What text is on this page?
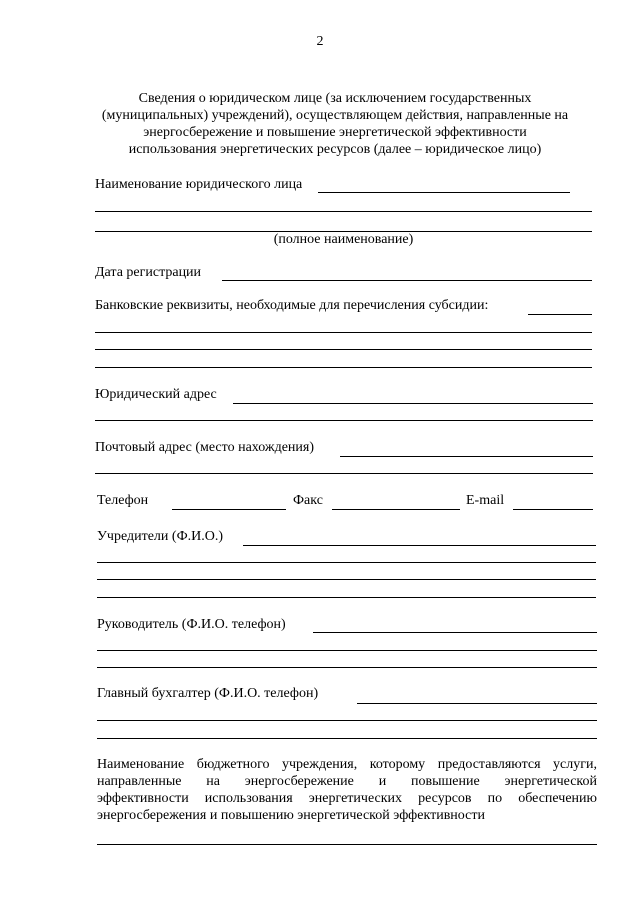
2
Сведения о юридическом лице (за исключением государственных
(муниципальных) учреждений), осуществляющем действия, направленные на
энергосбережение и повышение энергетической эффективности
использования энергетических ресурсов (далее – юридическое лицо)
Наименование юридического лица
(полное наименование)
Дата регистрации
Банковские реквизиты, необходимые для перечисления субсидии:
Юридический адрес
Почтовый адрес (место нахождения)
Телефон	Факс	E-mail
Учредители (Ф.И.О.)
Руководитель (Ф.И.О. телефон)
Главный бухгалтер (Ф.И.О. телефон)
Наименование бюджетного учреждения, которому предоставляются услуги,
направленные на энергосбережение и повышение энергетической
эффективности использования энергетических ресурсов по обеспечению
энергосбережения и повышению энергетической эффективности
